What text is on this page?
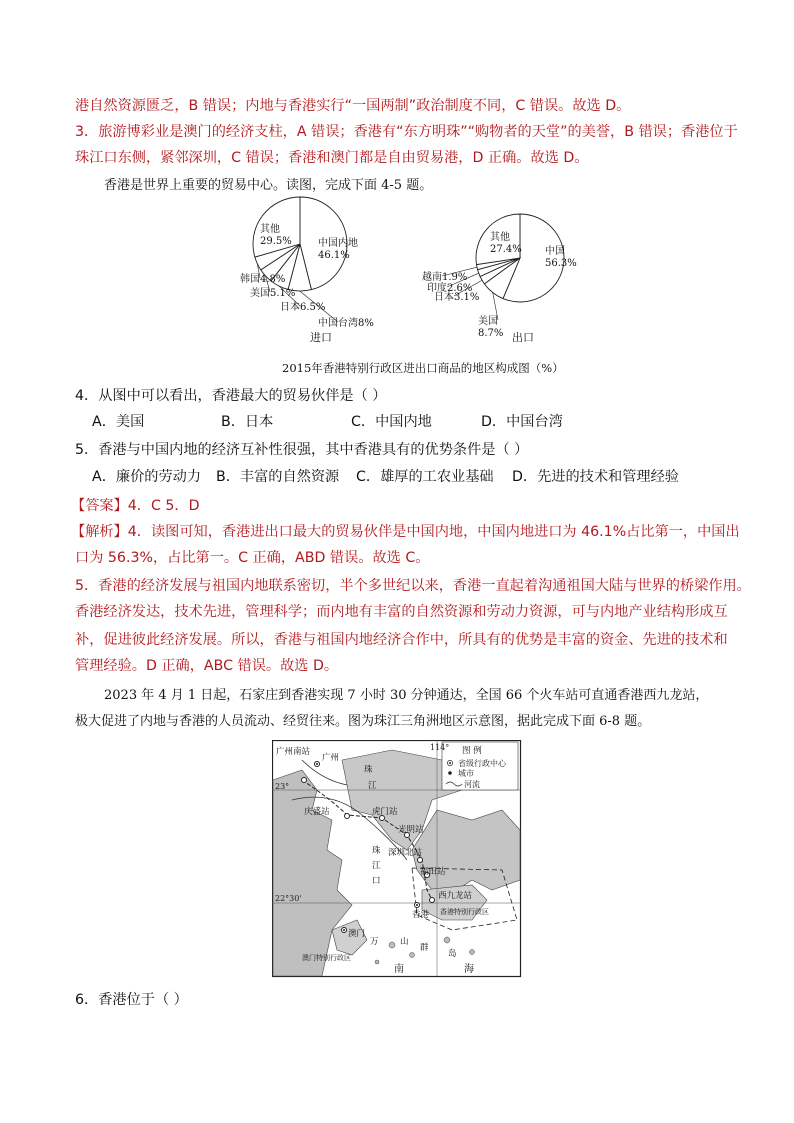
港自然资源匮乏，B 错误；内地与香港实行“一国两制”政治制度不同，C 错误。故选 D。
3．旅游博彩业是澳门的经济支柱，A 错误；香港有“东方明珠”“购物者的天堂”的美誉，B 错误；香港位于
珠江口东侧，紧邻深圳，C 错误；香港和澳门都是自由贸易港，D 正确。故选 D。
香港是世界上重要的贸易中心。读图，完成下面 4-5 题。
中国内地 46.1%
中国台湾8%
日本6.5%
美国5.1%
韩国4.8%
其他 29.5%
进口
中国 56.3%
美国 8.7%
日本3.1%
印度2.6%
越南1.9%
其他 27.4%
出口
2015年香港特别行政区进出口商品的地区构成图（%）
4．从图中可以看出，香港最大的贸易伙伴是（ ）
A．美国	B．日本	C．中国内地	D．中国台湾
5．香港与中国内地的经济互补性很强，其中香港具有的优势条件是（ ）
A．廉价的劳动力 B．丰富的自然资源 C．雄厚的工农业基础 D．先进的技术和管理经验
【答案】4．C 5．D
【解析】4．读图可知，香港进出口最大的贸易伙伴是中国内地，中国内地进口为 46.1%占比第一，中国出
口为 56.3%，占比第一。C 正确，ABD 错误。故选 C。
5．香港的经济发展与祖国内地联系密切，半个多世纪以来，香港一直起着沟通祖国大陆与世界的桥梁作用。
香港经济发达，技术先进，管理科学；而内地有丰富的自然资源和劳动力资源，可与内地产业结构形成互
补，促进彼此经济发展。所以，香港与祖国内地经济合作中，所具有的优势是丰富的资金、先进的技术和
管理经验。D 正确，ABC 错误。故选 D。
2023 年 4 月 1 日起，石家庄到香港实现 7 小时 30 分钟通达，全国 66 个火车站可直通香港西九龙站，
极大促进了内地与香港的人员流动、经贸往来。图为珠江三角洲地区示意图，据此完成下面 6-8 题。
图 例
省级行政中心
城市
河流
114°
23°
22°30'
广州南站
广州
珠
江
庆盛站	虎门站
光明站
深圳北站
福田站
珠
江
口
西九龙站
香港 香港特别行政区
澳门
澳门特别行政区
万	山
群
岛
南	海
6．香港位于（ ）
